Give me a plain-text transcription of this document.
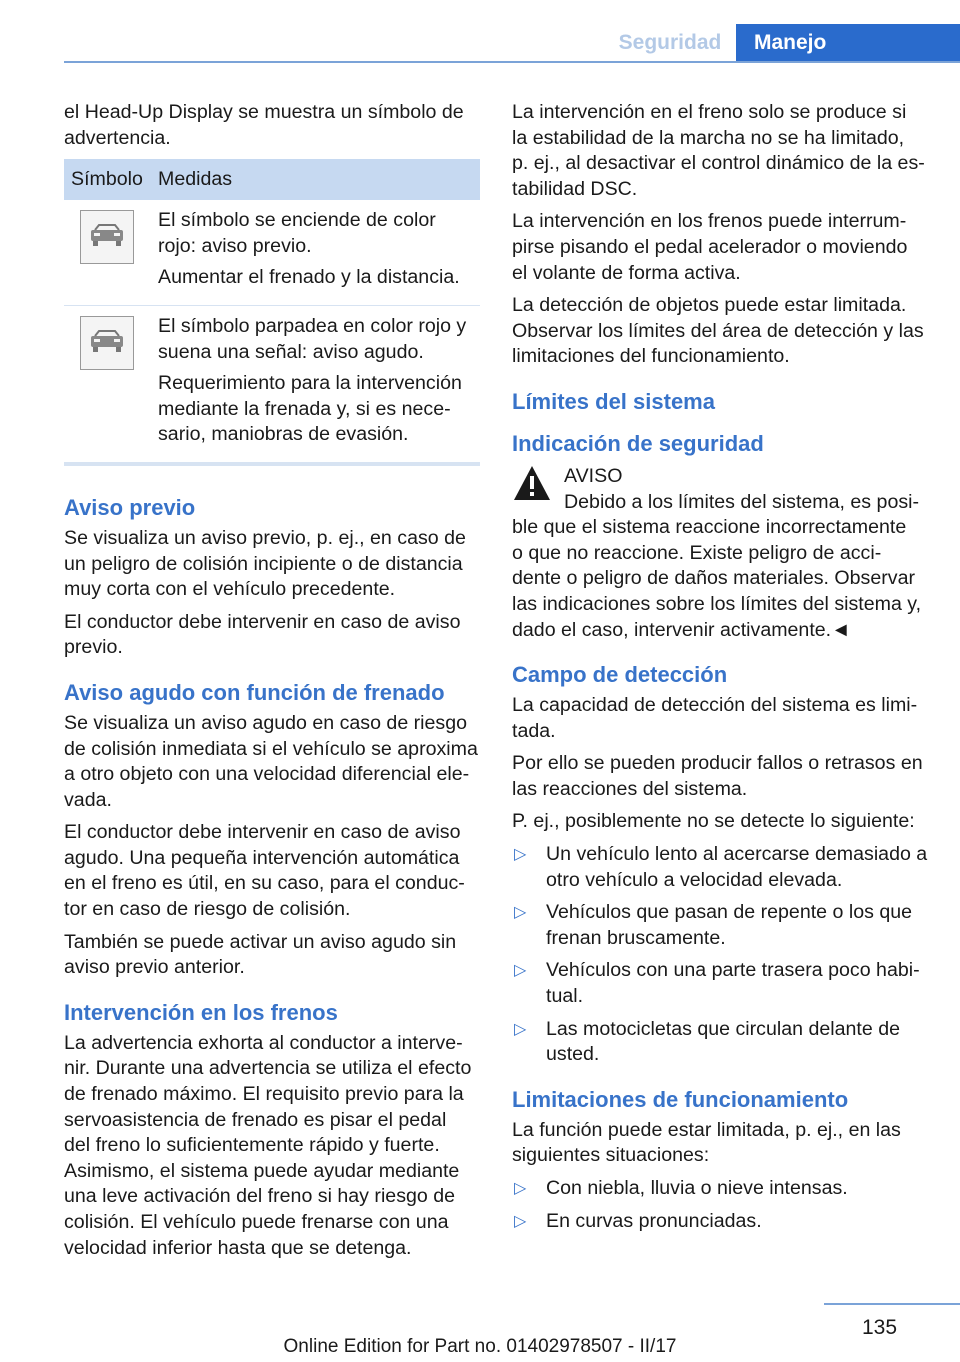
Seguridad	Manejo

el Head-Up Display se muestra un símbolo de
advertencia.

Símbolo Medidas

El símbolo se enciende de color
rojo: aviso previo.

Aumentar el frenado y la distancia.

El símbolo parpadea en color rojo y
suena una señal: aviso agudo.

Requerimiento para la intervención
mediante la frenada y, si es nece-
sario, maniobras de evasión.

Aviso previo

Se visualiza un aviso previo, p. ej., en caso de
un peligro de colisión incipiente o de distancia
muy corta con el vehículo precedente.

El conductor debe intervenir en caso de aviso
previo.

Aviso agudo con función de frenado

Se visualiza un aviso agudo en caso de riesgo
de colisión inmediata si el vehículo se aproxima
a otro objeto con una velocidad diferencial ele-
vada.

El conductor debe intervenir en caso de aviso
agudo. Una pequeña intervención automática
en el freno es útil, en su caso, para el conduc-
tor en caso de riesgo de colisión.

También se puede activar un aviso agudo sin
aviso previo anterior.

Intervención en los frenos

La advertencia exhorta al conductor a interve-
nir. Durante una advertencia se utiliza el efecto
de frenado máximo. El requisito previo para la
servoasistencia de frenado es pisar el pedal
del freno lo suficientemente rápido y fuerte.
Asimismo, el sistema puede ayudar mediante
una leve activación del freno si hay riesgo de
colisión. El vehículo puede frenarse con una
velocidad inferior hasta que se detenga.

La intervención en el freno solo se produce si
la estabilidad de la marcha no se ha limitado,
p. ej., al desactivar el control dinámico de la es-
tabilidad DSC.

La intervención en los frenos puede interrum-
pirse pisando el pedal acelerador o moviendo
el volante de forma activa.

La detección de objetos puede estar limitada.
Observar los límites del área de detección y las
limitaciones del funcionamiento.

Límites del sistema
Indicación de seguridad

AVISO

Debido a los límites del sistema, es posi-

ble que el sistema reaccione incorrectamente
o que no reaccione. Existe peligro de acci-
dente o peligro de daños materiales. Observar
las indicaciones sobre los límites del sistema y,
dado el caso, intervenir activamente.◄

Campo de detección

La capacidad de detección del sistema es limi-
tada.

Por ello se pueden producir fallos o retrasos en
las reacciones del sistema.

P. ej., posiblemente no se detecte lo siguiente:

▷ Un vehículo lento al acercarse demasiado a
otro vehículo a velocidad elevada.
▷ Vehículos que pasan de repente o los que
frenan bruscamente.
▷ Vehículos con una parte trasera poco habi-
tual.
▷ Las motocicletas que circulan delante de
usted.
Limitaciones de funcionamiento

La función puede estar limitada, p. ej., en las
siguientes situaciones:

▷ Con niebla, lluvia o nieve intensas.
▷ En curvas pronunciadas.
135
Online Edition for Part no. 01402978507 - II/17
